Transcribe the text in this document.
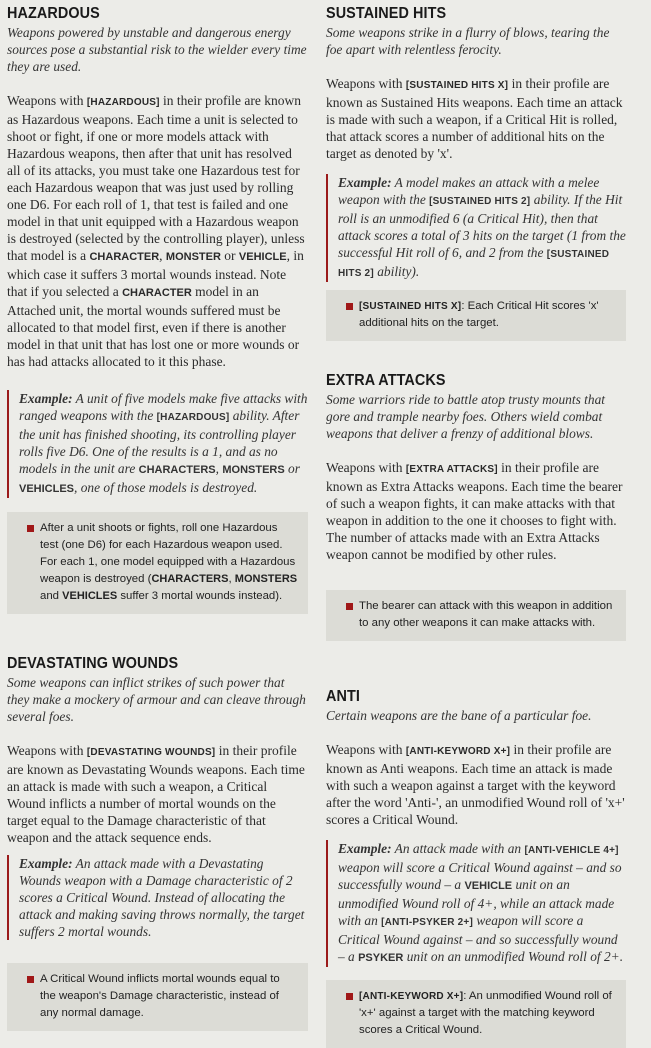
HAZARDOUS
Weapons powered by unstable and dangerous energy sources pose a substantial risk to the wielder every time they are used.
Weapons with [HAZARDOUS] in their profile are known as Hazardous weapons. Each time a unit is selected to shoot or fight, if one or more models attack with Hazardous weapons, then after that unit has resolved all of its attacks, you must take one Hazardous test for each Hazardous weapon that was just used by rolling one D6. For each roll of 1, that test is failed and one model in that unit equipped with a Hazardous weapon is destroyed (selected by the controlling player), unless that model is a CHARACTER, MONSTER or VEHICLE, in which case it suffers 3 mortal wounds instead. Note that if you selected a CHARACTER model in an Attached unit, the mortal wounds suffered must be allocated to that model first, even if there is another model in that unit that has lost one or more wounds or has had attacks allocated to it this phase.
Example: A unit of five models make five attacks with ranged weapons with the [HAZARDOUS] ability. After the unit has finished shooting, its controlling player rolls five D6. One of the results is a 1, and as no models in the unit are CHARACTERS, MONSTERS or VEHICLES, one of those models is destroyed.
After a unit shoots or fights, roll one Hazardous test (one D6) for each Hazardous weapon used. For each 1, one model equipped with a Hazardous weapon is destroyed (CHARACTERS, MONSTERS and VEHICLES suffer 3 mortal wounds instead).
DEVASTATING WOUNDS
Some weapons can inflict strikes of such power that they make a mockery of armour and can cleave through several foes.
Weapons with [DEVASTATING WOUNDS] in their profile are known as Devastating Wounds weapons. Each time an attack is made with such a weapon, a Critical Wound inflicts a number of mortal wounds on the target equal to the Damage characteristic of that weapon and the attack sequence ends.
Example: An attack made with a Devastating Wounds weapon with a Damage characteristic of 2 scores a Critical Wound. Instead of allocating the attack and making saving throws normally, the target suffers 2 mortal wounds.
A Critical Wound inflicts mortal wounds equal to the weapon's Damage characteristic, instead of any normal damage.
SUSTAINED HITS
Some weapons strike in a flurry of blows, tearing the foe apart with relentless ferocity.
Weapons with [SUSTAINED HITS X] in their profile are known as Sustained Hits weapons. Each time an attack is made with such a weapon, if a Critical Hit is rolled, that attack scores a number of additional hits on the target as denoted by 'x'.
Example: A model makes an attack with a melee weapon with the [SUSTAINED HITS 2] ability. If the Hit roll is an unmodified 6 (a Critical Hit), then that attack scores a total of 3 hits on the target (1 from the successful Hit roll of 6, and 2 from the [SUSTAINED HITS 2] ability).
[SUSTAINED HITS X]: Each Critical Hit scores 'x' additional hits on the target.
EXTRA ATTACKS
Some warriors ride to battle atop trusty mounts that gore and trample nearby foes. Others wield combat weapons that deliver a frenzy of additional blows.
Weapons with [EXTRA ATTACKS] in their profile are known as Extra Attacks weapons. Each time the bearer of such a weapon fights, it can make attacks with that weapon in addition to the one it chooses to fight with. The number of attacks made with an Extra Attacks weapon cannot be modified by other rules.
The bearer can attack with this weapon in addition to any other weapons it can make attacks with.
ANTI
Certain weapons are the bane of a particular foe.
Weapons with [ANTI-KEYWORD X+] in their profile are known as Anti weapons. Each time an attack is made with such a weapon against a target with the keyword after the word 'Anti-', an unmodified Wound roll of 'x+' scores a Critical Wound.
Example: An attack made with an [ANTI-VEHICLE 4+] weapon will score a Critical Wound against – and so successfully wound – a VEHICLE unit on an unmodified Wound roll of 4+, while an attack made with an [ANTI-PSYKER 2+] weapon will score a Critical Wound against – and so successfully wound – a PSYKER unit on an unmodified Wound roll of 2+.
[ANTI-KEYWORD X+]: An unmodified Wound roll of 'x+' against a target with the matching keyword scores a Critical Wound.
